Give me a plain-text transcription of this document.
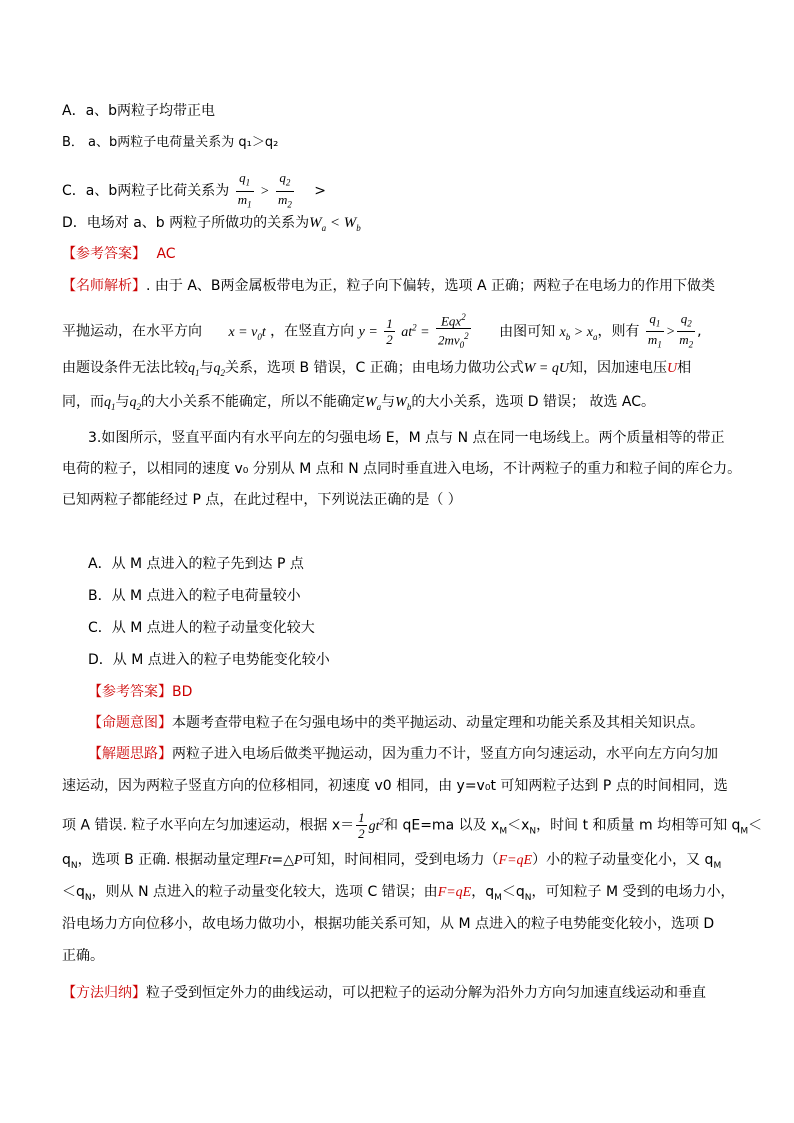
A．a、b两粒子均带正电
B． a、b两粒子电荷量关系为 q₁＞q₂
C．a、b两粒子比荷关系为 $\frac{q_1}{m_1} > \frac{q_2}{m_2}$ >
D．电场对 a、b 两粒子所做功的关系为$W_a < W_b$
【参考答案】 AC
【名师解析】. 由于 A、B两金属板带电为正，粒子向下偏转，选项 A 正确；两粒子在电场力的作用下做类
平抛运动，在水平方向 $x = v_0t$ ，在竖直方向 $y = \frac{1}{2} at^2 = \frac{Eqx^2}{2mv_0^2}$ 由图可知 $x_b > x_a$，则有 $\frac{q_1}{m_1} > \frac{q_2}{m_2}$ ,
由题设条件无法比较$q_1$与$q_2$关系，选项 B 错误，C 正确；由电场力做功公式W = qU知，因加速电压U相
同，而$q_1$与$q_2$的大小关系不能确定，所以不能确定$W_a$与$W_b$的大小关系，选项 D 错误； 故选 AC。
3.如图所示，竖直平面内有水平向左的匀强电场 E，M 点与 N 点在同一电场线上。两个质量相等的带正
电荷的粒子，以相同的速度 v₀ 分别从 M 点和 N 点同时垂直进入电场，不计两粒子的重力和粒子间的库仑力。
已知两粒子都能经过 P 点，在此过程中，下列说法正确的是（ ）
A．从 M 点进入的粒子先到达 P 点
B．从 M 点进入的粒子电荷量较小
C．从 M 点进人的粒子动量变化较大
D．从 M 点进入的粒子电势能变化较小
【参考答案】BD
【命题意图】本题考查带电粒子在匀强电场中的类平抛运动、动量定理和功能关系及其相关知识点。
【解题思路】两粒子进入电场后做类平抛运动，因为重力不计，竖直方向匀速运动，水平向左方向匀加
速运动，因为两粒子竖直方向的位移相同，初速度 v0 相同，由 y=v₀t 可知两粒子达到 P 点的时间相同，选
项 A 错误. 粒子水平向左匀加速运动，根据 $x= \frac{1}{2} gt^2$和 qE=ma 以及 $x_M<x_N$，时间 t 和质量 m 均相等可知 $q_M<$
$q_N$，选项 B 正确. 根据动量定理Ft=△P可知，时间相同，受到电场力（F=qE）小的粒子动量变化小，又 $q_M$
$<q_N$，则从 N 点进入的粒子动量变化较大，选项 C 错误；由F=qE，$q_M<q_N$，可知粒子 M 受到的电场力小，
沿电场力方向位移小，故电场力做功小，根据功能关系可知，从 M 点进入的粒子电势能变化较小，选项 D
正确。
【方法归纳】粒子受到恒定外力的曲线运动，可以把粒子的运动分解为沿外力方向匀加速直线运动和垂直
